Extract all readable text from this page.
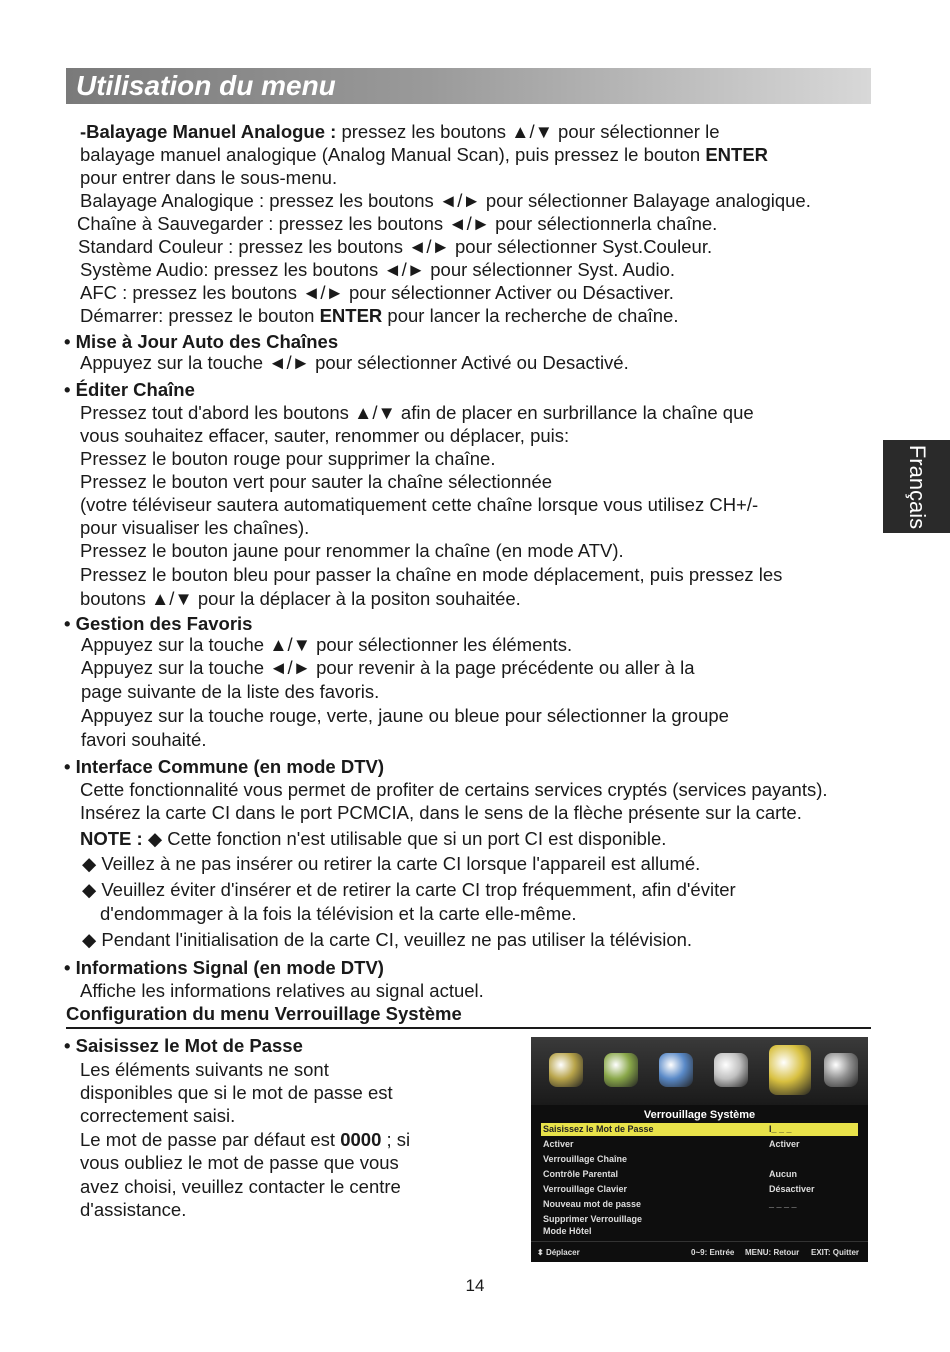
Utilisation du menu
Français
-Balayage Manuel Analogue : pressez les boutons ▲/▼ pour sélectionner le
balayage manuel analogique (Analog Manual Scan), puis pressez le bouton ENTER
pour entrer dans le sous-menu.
Balayage Analogique : pressez les boutons ◄/► pour sélectionner Balayage analogique.
Chaîne à Sauvegarder : pressez les boutons ◄/► pour sélectionnerla chaîne.
Standard Couleur : pressez les boutons ◄/► pour sélectionner Syst.Couleur.
Système Audio: pressez les boutons ◄/► pour sélectionner Syst. Audio.
AFC : pressez les boutons ◄/► pour sélectionner Activer ou Désactiver.
Démarrer: pressez le bouton ENTER pour lancer la recherche de chaîne.
• Mise à Jour Auto des Chaînes
Appuyez sur la touche ◄/► pour sélectionner Activé ou Desactivé.
• Éditer Chaîne
Pressez tout d'abord les boutons ▲/▼ afin de placer en surbrillance la chaîne que
vous souhaitez effacer, sauter, renommer ou déplacer, puis:
Pressez le bouton rouge pour supprimer la chaîne.
Pressez le bouton vert pour sauter la chaîne sélectionnée
(votre téléviseur sautera automatiquement cette chaîne lorsque vous utilisez CH+/-
pour visualiser les chaînes).
Pressez le bouton jaune pour renommer la chaîne (en mode ATV).
Pressez le bouton bleu pour passer la chaîne en mode déplacement, puis pressez les
boutons ▲/▼ pour la déplacer à la positon souhaitée.
• Gestion des Favoris
Appuyez sur la touche ▲/▼ pour sélectionner les éléments.
Appuyez sur la touche ◄/► pour revenir à la page précédente ou aller à la
page suivante de la liste des favoris.
Appuyez sur la touche rouge, verte, jaune ou bleue pour sélectionner la groupe
favori souhaité.
• Interface Commune (en mode DTV)
Cette fonctionnalité vous permet de profiter de certains services cryptés (services payants).
Insérez la carte CI dans le port PCMCIA, dans le sens de la flèche présente sur la carte.
NOTE : ◆ Cette fonction n'est utilisable que si un port CI est disponible.
◆ Veillez à ne pas insérer ou retirer la carte CI lorsque l'appareil est allumé.
◆ Veuillez éviter d'insérer et de retirer la carte CI trop fréquemment, afin d'éviter
d'endommager à la fois la télévision et la carte elle-même.
◆ Pendant l'initialisation de la carte CI, veuillez ne pas utiliser la télévision.
• Informations Signal (en mode DTV)
Affiche les informations relatives au signal actuel.
Configuration du menu Verrouillage Système
• Saisissez le Mot de Passe
Les éléments suivants ne sont
disponibles que si le mot de passe est
correctement saisi.
Le mot de passe par défaut est 0000 ; si
vous oubliez le mot de passe que vous
avez choisi, veuillez contacter le centre
d'assistance.
Verrouillage Système
Saisissez le Mot de Passe	I_ _ _
Activer	Activer
Verrouillage Chaîne
Contrôle Parental	Aucun
Verrouillage Clavier	Désactiver
Nouveau mot de passe	_ _ _ _
Supprimer Verrouillage
Mode Hôtel
⬍ Déplacer	0~9: Entrée MENU: Retour EXIT: Quitter
14
